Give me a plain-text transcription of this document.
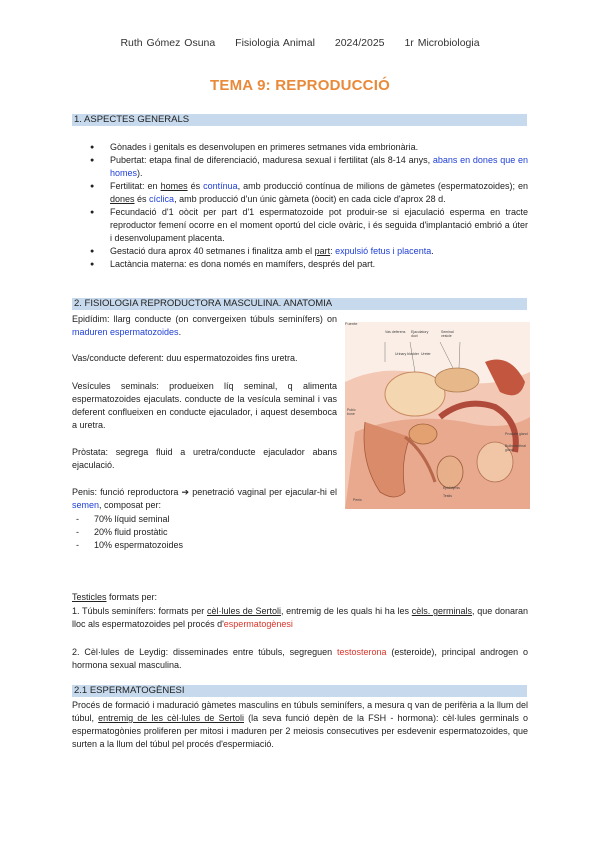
Ruth Gómez Osuna Fisiologia Animal 2024/2025 1r Microbiologia
TEMA 9: REPRODUCCIÓ
1. ASPECTES GENERALS
● Gònades i genitals es desenvolupen en primeres setmanes vida embrionària.
● Pubertat: etapa final de diferenciació, maduresa sexual i fertilitat (als 8-14 anys, abans en dones que en homes).
● Fertilitat: en homes és contínua, amb producció contínua de milions de gàmetes (espermatozoides); en dones és cíclica, amb producció d'un únic gàmeta (òocit) en cada cicle d'aprox 28 d.
● Fecundació d'1 oòcit per part d'1 espermatozoide pot produir-se si ejaculació esperma en tracte reproductor femení ocorre en el moment oportú del cicle ovàric, i és seguida d'implantació embrió a úter i desenvolupament placenta.
● Gestació dura aprox 40 setmanes i finalitza amb el part: expulsió fetus i placenta.
● Lactància materna: es dona només en mamífers, després del part.
2. FISIOLOGIA REPRODUCTORA MASCULINA. ANATOMIA
Epidídim: llarg conducte (on convergeixen túbuls seminífers) on maduren espermatozoides.
Vas/conducte deferent: duu espermatozoides fins uretra.
Vesícules seminals: produeixen líq seminal, q alimenta espermatozoides ejaculats. conducte de la vesícula seminal i vas deferent conflueixen en conducte ejaculador, i aquest desemboca a uretra.
Pròstata: segrega fluid a uretra/conducte ejaculador abans ejaculació.
Penis: funció reproductora ➔ penetració vaginal per ejacular-hi el semen, composat per:
- 70% líquid seminal
- 20% fluid prostàtic
- 10% espermatozoides
Fuente
Vas deferens	Ejaculatory duct
Seminal vesicle
Urinary bladder Ureter
Pubic bone
Prostate gland
Bulbourethral gland
Epididymis
Testis
Penis
Testicles formats per:
1. Túbuls seminífers: formats per cèl·lules de Sertoli, entremig de les quals hi ha les cèls. germinals, que donaran lloc als espermatozoides pel procés d'espermatogènesi
2. Cèl·lules de Leydig: disseminades entre túbuls, segreguen testosterona (esteroide), principal androgen o hormona sexual masculina.
2.1 ESPERMATOGÈNESI
Procés de formació i maduració gàmetes masculins en túbuls seminífers, a mesura q van de perifèria a la llum del túbul, entremig de les cèl·lules de Sertoli (la seva funció depèn de la FSH - hormona): cèl·lules germinals o espermatogònies proliferen per mitosi i maduren per 2 meiosis consecutives per esdevenir espermatozoides, que surten a la llum del túbul pel procés d'espermiació.
